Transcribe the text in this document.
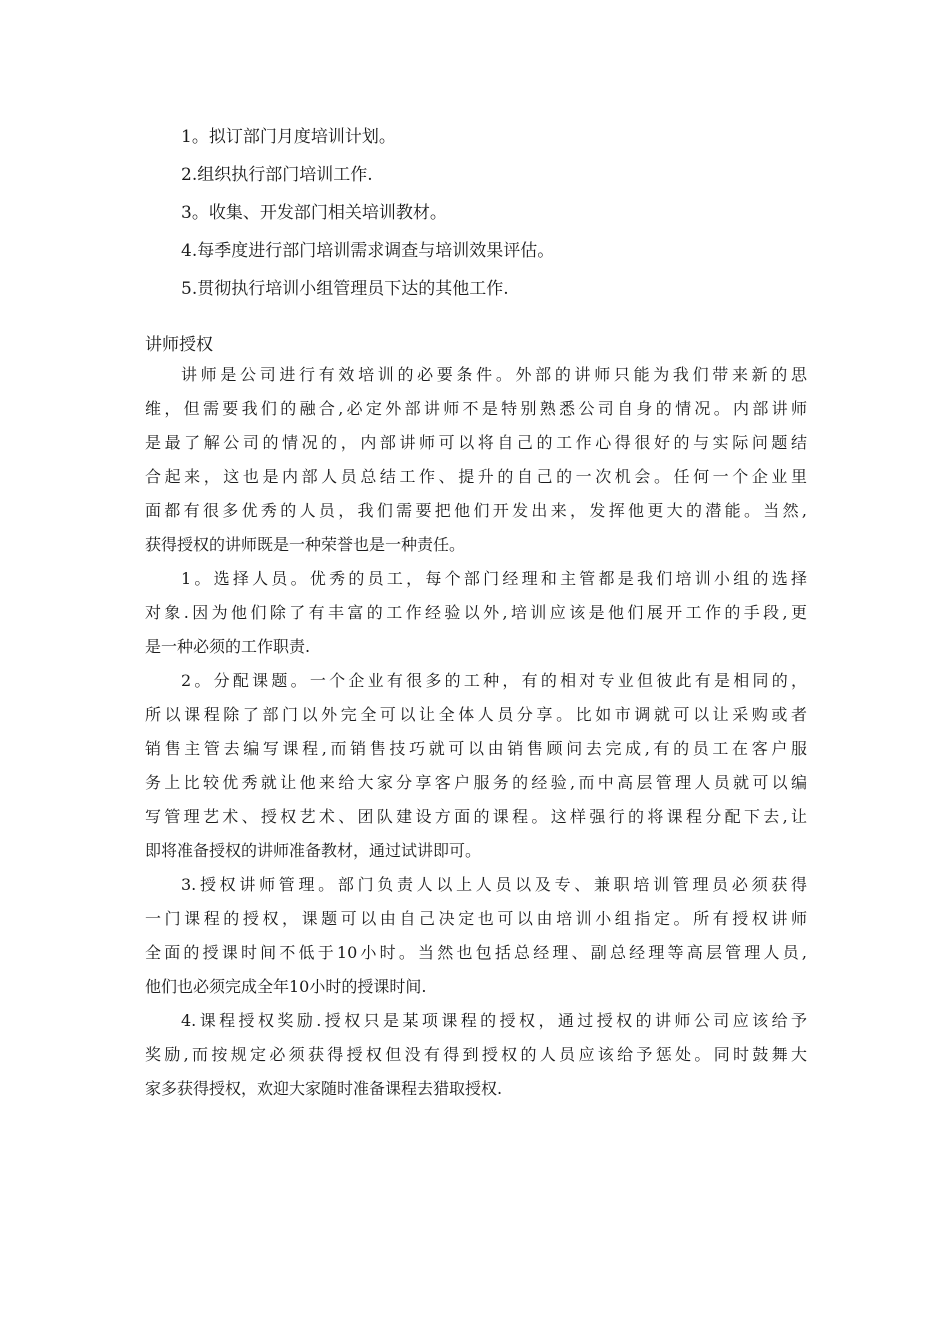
1。拟订部门月度培训计划。
2.组织执行部门培训工作.
3。收集、开发部门相关培训教材。
4.每季度进行部门培训需求调查与培训效果评估。
5.贯彻执行培训小组管理员下达的其他工作.
讲师授权
讲师是公司进行有效培训的必要条件。外部的讲师只能为我们带来新的思
维，但需要我们的融合,必定外部讲师不是特别熟悉公司自身的情况。内部讲师
是最了解公司的情况的，内部讲师可以将自己的工作心得很好的与实际问题结
合起来，这也是内部人员总结工作、提升的自己的一次机会。任何一个企业里
面都有很多优秀的人员，我们需要把他们开发出来，发挥他更大的潜能。当然,
获得授权的讲师既是一种荣誉也是一种责任。
1。选择人员。优秀的员工，每个部门经理和主管都是我们培训小组的选择
对象.因为他们除了有丰富的工作经验以外,培训应该是他们展开工作的手段,更
是一种必须的工作职责.
2。分配课题。一个企业有很多的工种，有的相对专业但彼此有是相同的，
所以课程除了部门以外完全可以让全体人员分享。比如市调就可以让采购或者
销售主管去编写课程,而销售技巧就可以由销售顾问去完成,有的员工在客户服
务上比较优秀就让他来给大家分享客户服务的经验,而中高层管理人员就可以编
写管理艺术、授权艺术、团队建设方面的课程。这样强行的将课程分配下去,让
即将准备授权的讲师准备教材，通过试讲即可。
3.授权讲师管理。部门负责人以上人员以及专、兼职培训管理员必须获得
一门课程的授权，课题可以由自己决定也可以由培训小组指定。所有授权讲师
全面的授课时间不低于10小时。当然也包括总经理、副总经理等高层管理人员,
他们也必须完成全年10小时的授课时间.
4.课程授权奖励.授权只是某项课程的授权，通过授权的讲师公司应该给予
奖励,而按规定必须获得授权但没有得到授权的人员应该给予惩处。同时鼓舞大
家多获得授权，欢迎大家随时准备课程去猎取授权.
